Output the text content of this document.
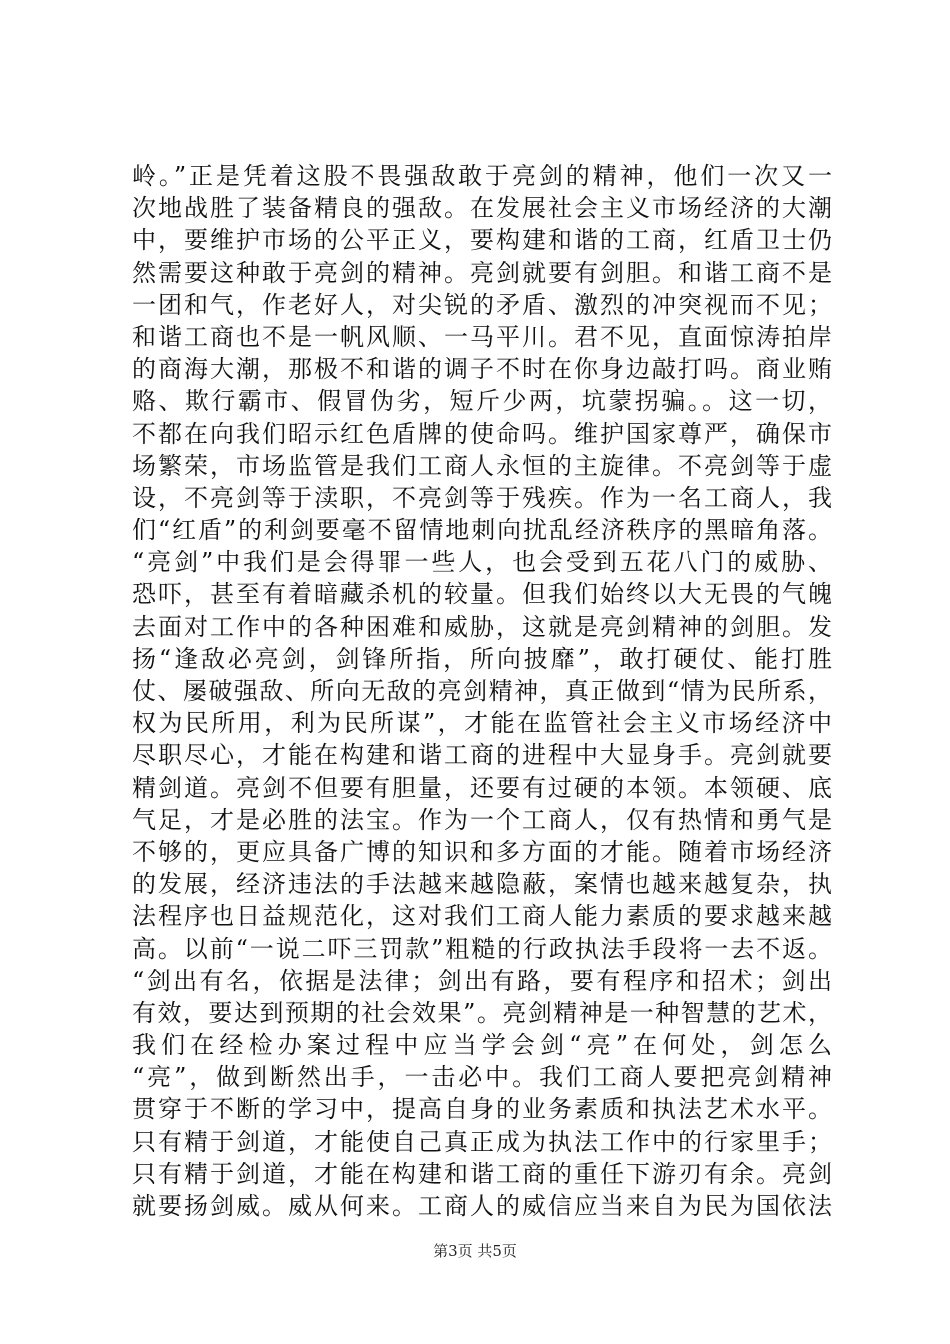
岭。”正是凭着这股不畏强敌敢于亮剑的精神，他们一次又一
次地战胜了装备精良的强敌。在发展社会主义市场经济的大潮
中，要维护市场的公平正义，要构建和谐的工商，红盾卫士仍
然需要这种敢于亮剑的精神。亮剑就要有剑胆。和谐工商不是
一团和气，作老好人，对尖锐的矛盾、激烈的冲突视而不见；
和谐工商也不是一帆风顺、一马平川。君不见，直面惊涛拍岸
的商海大潮，那极不和谐的调子不时在你身边敲打吗。商业贿
赂、欺行霸市、假冒伪劣，短斤少两，坑蒙拐骗。。这一切，
不都在向我们昭示红色盾牌的使命吗。维护国家尊严，确保市
场繁荣，市场监管是我们工商人永恒的主旋律。不亮剑等于虚
设，不亮剑等于渎职，不亮剑等于残疾。作为一名工商人，我
们“红盾”的利剑要毫不留情地刺向扰乱经济秩序的黑暗角落。
“亮剑”中我们是会得罪一些人，也会受到五花八门的威胁、
恐吓，甚至有着暗藏杀机的较量。但我们始终以大无畏的气魄
去面对工作中的各种困难和威胁，这就是亮剑精神的剑胆。发
扬“逢敌必亮剑，剑锋所指，所向披靡”，敢打硬仗、能打胜
仗、屡破强敌、所向无敌的亮剑精神，真正做到“情为民所系，
权为民所用，利为民所谋”，才能在监管社会主义市场经济中
尽职尽心，才能在构建和谐工商的进程中大显身手。亮剑就要
精剑道。亮剑不但要有胆量，还要有过硬的本领。本领硬、底
气足，才是必胜的法宝。作为一个工商人，仅有热情和勇气是
不够的，更应具备广博的知识和多方面的才能。随着市场经济
的发展，经济违法的手法越来越隐蔽，案情也越来越复杂，执
法程序也日益规范化，这对我们工商人能力素质的要求越来越
高。以前“一说二吓三罚款”粗糙的行政执法手段将一去不返。
“剑出有名，依据是法律；剑出有路，要有程序和招术；剑出
有效，要达到预期的社会效果”。亮剑精神是一种智慧的艺术，
我们在经检办案过程中应当学会剑“亮”在何处，剑怎么
“亮”，做到断然出手，一击必中。我们工商人要把亮剑精神
贯穿于不断的学习中，提高自身的业务素质和执法艺术水平。
只有精于剑道，才能使自己真正成为执法工作中的行家里手；
只有精于剑道，才能在构建和谐工商的重任下游刃有余。亮剑
就要扬剑威。威从何来。工商人的威信应当来自为民为国依法
第3页 共5页
